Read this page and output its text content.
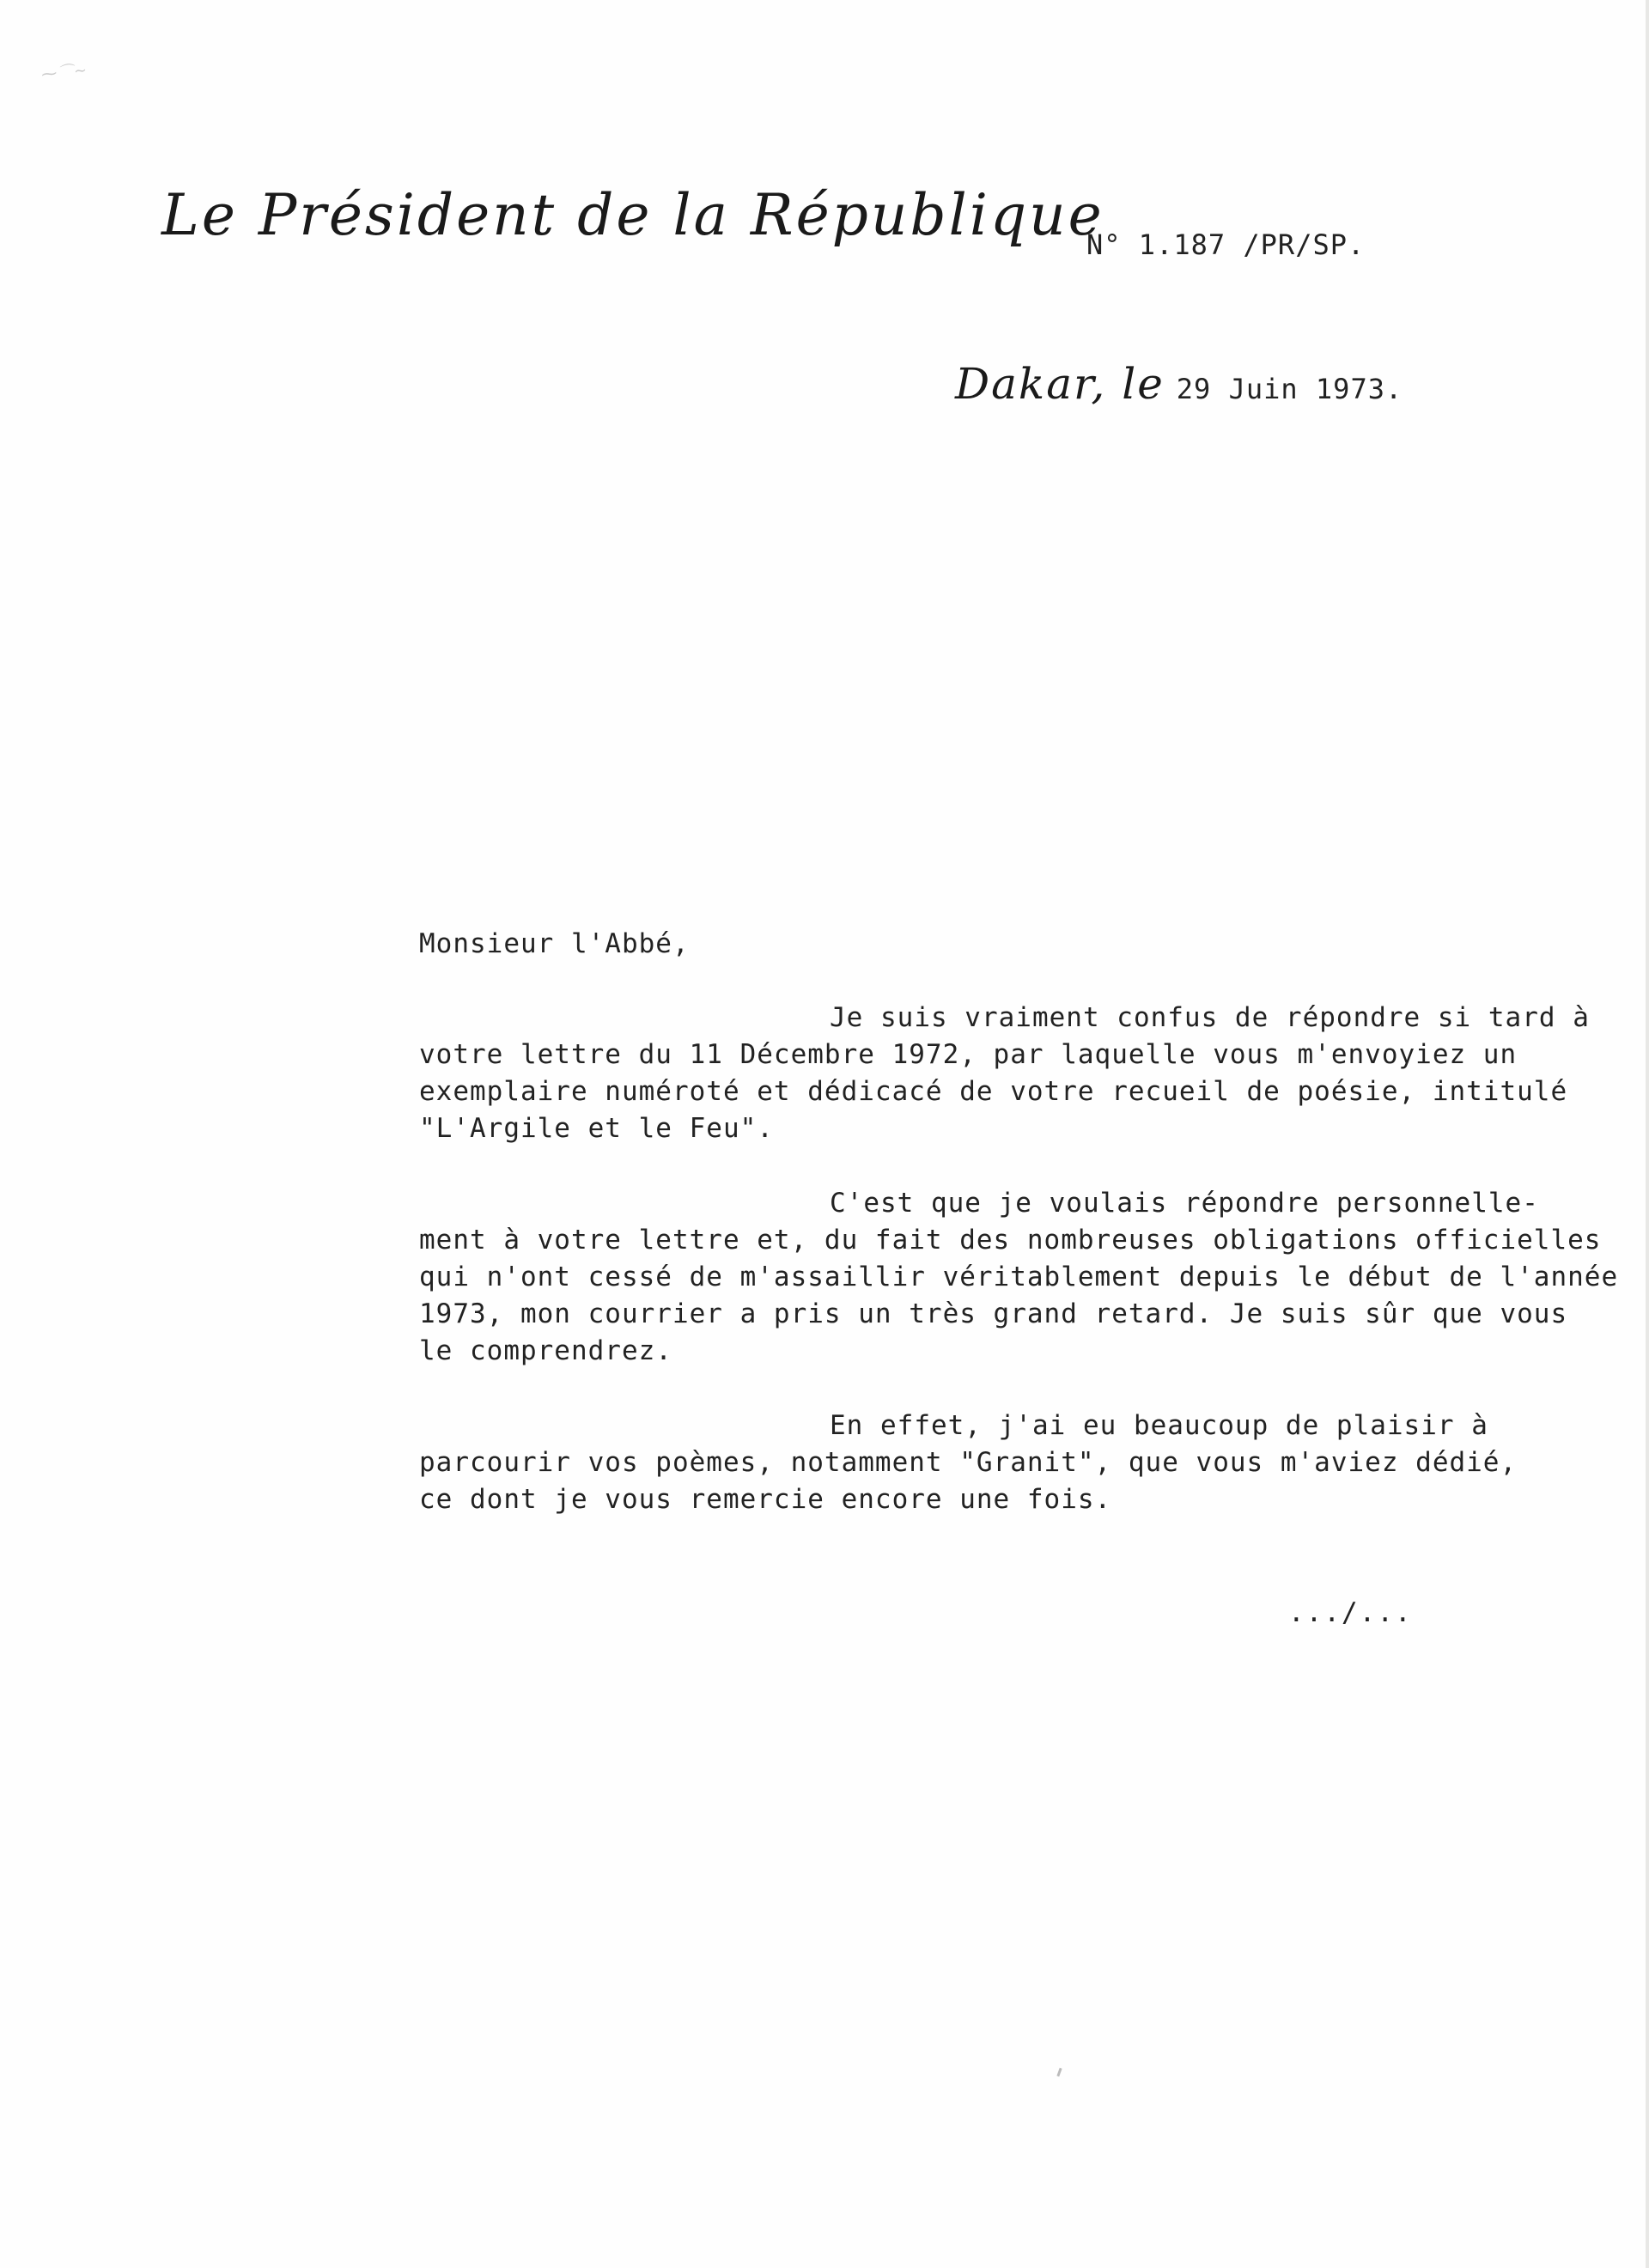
⁓⌒~
Le Président de la République
N° 1.187 /PR/SP.
Dakar, le 29 Juin 1973.
Monsieur l'Abbé,
Je suis vraiment confus de répondre si tard à
votre lettre du 11 Décembre 1972, par laquelle vous m'envoyiez un
exemplaire numéroté et dédicacé de votre recueil de poésie, intitulé
"L'Argile et le Feu".
C'est que je voulais répondre personnelle-
ment à votre lettre et, du fait des nombreuses obligations officielles
qui n'ont cessé de m'assaillir véritablement depuis le début de l'année
1973, mon courrier a pris un très grand retard. Je suis sûr que vous
le comprendrez.
En effet, j'ai eu beaucoup de plaisir à
parcourir vos poèmes, notamment "Granit", que vous m'aviez dédié,
ce dont je vous remercie encore une fois.
.../...
